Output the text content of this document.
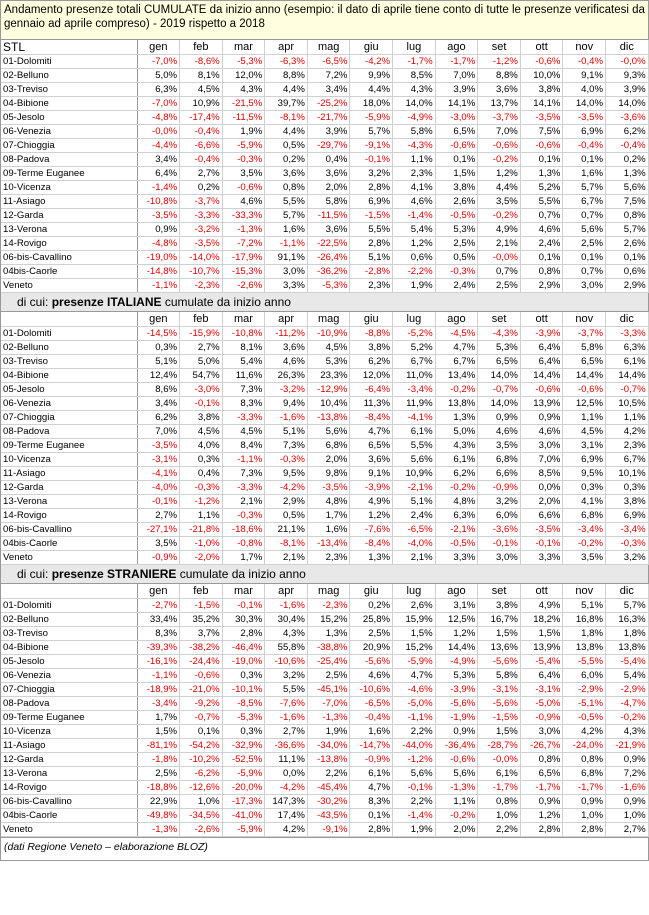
Andamento presenze totali CUMULATE da inizio anno (esempio: il dato di aprile tiene conto di tutte le presenze verificatesi da gennaio ad aprile compreso) - 2019 rispetto a 2018
STL	gen	feb	mar	apr	mag	giu	lug	ago	set	ott	nov	dic
01-Dolomiti	-7,0%	-8,6%	-5,3%	-6,3%	-6,5%	-4,2%	-1,7%	-1,7%	-1,2%	-0,6%	-0,4%	-0,0%
02-Belluno	5,0%	8,1%	12,0%	8,8%	7,2%	9,9%	8,5%	7,0%	8,8%	10,0%	9,1%	9,3%
03-Treviso	6,3%	4,5%	4,3%	4,4%	3,4%	4,4%	4,3%	3,9%	3,6%	3,8%	4,0%	3,9%
04-Bibione	-7,0%	10,9%	-21,5%	39,7%	-25,2%	18,0%	14,0%	14,1%	13,7%	14,1%	14,0%	14,0%
05-Jesolo	-4,8%	-17,4%	-11,5%	-8,1%	-21,7%	-5,9%	-4,9%	-3,0%	-3,7%	-3,5%	-3,5%	-3,6%
06-Venezia	-0,0%	-0,4%	1,9%	4,4%	3,9%	5,7%	5,8%	6,5%	7,0%	7,5%	6,9%	6,2%
07-Chioggia	-4,4%	-6,6%	-5,9%	0,5%	-29,7%	-9,1%	-4,3%	-0,6%	-0,6%	-0,6%	-0,4%	-0,4%
08-Padova	3,4%	-0,4%	-0,3%	0,2%	0,4%	-0,1%	1,1%	0,1%	-0,2%	0,1%	0,1%	0,2%
09-Terme Euganee	6,4%	2,7%	3,5%	3,6%	3,6%	3,2%	2,3%	1,5%	1,2%	1,3%	1,6%	1,3%
10-Vicenza	-1,4%	0,2%	-0,6%	0,8%	2,0%	2,8%	4,1%	3,8%	4,4%	5,2%	5,7%	5,6%
11-Asiago	-10,8%	-3,7%	4,6%	5,5%	5,8%	6,9%	4,6%	2,6%	3,5%	5,5%	6,7%	7,5%
12-Garda	-3,5%	-3,3%	-33,3%	5,7%	-11,5%	-1,5%	-1,4%	-0,5%	-0,2%	0,7%	0,7%	0,8%
13-Verona	0,9%	-3,2%	-1,3%	1,6%	3,6%	5,5%	5,4%	5,3%	4,9%	4,6%	5,6%	5,7%
14-Rovigo	-4,8%	-3,5%	-7,2%	-1,1%	-22,5%	2,8%	1,2%	2,5%	2,1%	2,4%	2,5%	2,6%
06-bis-Cavallino	-19,0%	-14,0%	-17,9%	91,1%	-26,4%	5,1%	0,6%	0,5%	-0,0%	0,1%	0,1%	0,1%
04bis-Caorle	-14,8%	-10,7%	-15,3%	3,0%	-36,2%	-2,8%	-2,2%	-0,3%	0,7%	0,8%	0,7%	0,6%
Veneto	-1,1%	-2,3%	-2,6%	3,3%	-5,3%	2,3%	1,9%	2,4%	2,5%	2,9%	3,0%	2,9%
di cui: presenze ITALIANE cumulate da inizio anno												
	gen	feb	mar	apr	mag	giu	lug	ago	set	ott	nov	dic
01-Dolomiti	-14,5%	-15,9%	-10,8%	-11,2%	-10,9%	-8,8%	-5,2%	-4,5%	-4,3%	-3,9%	-3,7%	-3,3%
02-Belluno	0,3%	2,7%	8,1%	3,6%	4,5%	3,8%	5,2%	4,7%	5,3%	6,4%	5,8%	6,3%
03-Treviso	5,1%	5,0%	5,4%	4,6%	5,3%	6,2%	6,7%	6,7%	6,5%	6,4%	6,5%	6,1%
04-Bibione	12,4%	54,7%	11,6%	26,3%	23,3%	12,0%	11,0%	13,4%	14,0%	14,4%	14,4%	14,4%
05-Jesolo	8,6%	-3,0%	7,3%	-3,2%	-12,9%	-6,4%	-3,4%	-0,2%	-0,7%	-0,6%	-0,6%	-0,7%
06-Venezia	3,4%	-0,1%	8,3%	9,4%	10,4%	11,3%	11,9%	13,8%	14,0%	13,9%	12,5%	10,5%
07-Chioggia	6,2%	3,8%	-3,3%	-1,6%	-13,8%	-8,4%	-4,1%	1,3%	0,9%	0,9%	1,1%	1,1%
08-Padova	7,0%	4,5%	4,5%	5,1%	5,6%	4,7%	6,1%	5,0%	4,6%	4,6%	4,5%	4,2%
09-Terme Euganee	-3,5%	4,0%	8,4%	7,3%	6,8%	6,5%	5,5%	4,3%	3,5%	3,0%	3,1%	2,3%
10-Vicenza	-3,1%	0,3%	-1,1%	-0,3%	2,0%	3,6%	5,6%	6,1%	6,8%	7,0%	6,9%	6,7%
11-Asiago	-4,1%	0,4%	7,3%	9,5%	9,8%	9,1%	10,9%	6,2%	6,6%	8,5%	9,5%	10,1%
12-Garda	-4,0%	-0,3%	-3,3%	-4,2%	-3,5%	-3,9%	-2,1%	-0,2%	-0,9%	0,0%	0,3%	0,3%
13-Verona	-0,1%	-1,2%	2,1%	2,9%	4,8%	4,9%	5,1%	4,8%	3,2%	2,0%	4,1%	3,8%
14-Rovigo	2,7%	1,1%	-0,3%	0,5%	1,7%	1,2%	2,4%	6,3%	6,0%	6,6%	6,8%	6,9%
06-bis-Cavallino	-27,1%	-21,8%	-18,6%	21,1%	1,6%	-7,6%	-6,5%	-2,1%	-3,6%	-3,5%	-3,4%	-3,4%
04bis-Caorle	3,5%	-1,0%	-0,8%	-8,1%	-13,4%	-8,4%	-4,0%	-0,5%	-0,1%	-0,1%	-0,2%	-0,3%
Veneto	-0,9%	-2,0%	1,7%	2,1%	2,3%	1,3%	2,1%	3,3%	3,0%	3,3%	3,5%	3,2%
di cui: presenze STRANIERE cumulate da inizio anno												
	gen	feb	mar	apr	mag	giu	lug	ago	set	ott	nov	dic
01-Dolomiti	-2,7%	-1,5%	-0,1%	-1,6%	-2,3%	0,2%	2,6%	3,1%	3,8%	4,9%	5,1%	5,7%
02-Belluno	33,4%	35,2%	30,3%	30,4%	15,2%	25,8%	15,9%	12,5%	16,7%	18,2%	16,8%	16,3%
03-Treviso	8,3%	3,7%	2,8%	4,3%	1,3%	2,5%	1,5%	1,2%	1,5%	1,5%	1,8%	1,8%
04-Bibione	-39,3%	-38,2%	-46,4%	55,8%	-38,8%	20,9%	15,2%	14,4%	13,6%	13,9%	13,8%	13,8%
05-Jesolo	-16,1%	-24,4%	-19,0%	-10,6%	-25,4%	-5,6%	-5,9%	-4,9%	-5,6%	-5,4%	-5,5%	-5,4%
06-Venezia	-1,1%	-0,6%	0,3%	3,2%	2,5%	4,6%	4,7%	5,3%	5,8%	6,4%	6,0%	5,4%
07-Chioggia	-18,9%	-21,0%	-10,1%	5,5%	-45,1%	-10,6%	-4,6%	-3,9%	-3,1%	-3,1%	-2,9%	-2,9%
08-Padova	-3,4%	-9,2%	-8,5%	-7,6%	-7,0%	-6,5%	-5,0%	-5,6%	-5,6%	-5,0%	-5,1%	-4,7%
09-Terme Euganee	1,7%	-0,7%	-5,3%	-1,6%	-1,3%	-0,4%	-1,1%	-1,9%	-1,5%	-0,9%	-0,5%	-0,2%
10-Vicenza	1,5%	0,1%	0,3%	2,7%	1,9%	1,6%	2,2%	0,9%	1,5%	3,0%	4,2%	4,3%
11-Asiago	-81,1%	-54,2%	-32,9%	-36,6%	-34,0%	-14,7%	-44,0%	-36,4%	-28,7%	-26,7%	-24,0%	-21,9%
12-Garda	-1,8%	-10,2%	-52,5%	11,1%	-13,8%	-0,9%	-1,2%	-0,6%	-0,0%	0,8%	0,8%	0,9%
13-Verona	2,5%	-6,2%	-5,9%	0,0%	2,2%	6,1%	5,6%	5,6%	6,1%	6,5%	6,8%	7,2%
14-Rovigo	-18,8%	-12,6%	-20,0%	-4,2%	-45,4%	4,7%	-0,1%	-1,3%	-1,7%	-1,7%	-1,7%	-1,6%
06-bis-Cavallino	22,9%	1,0%	-17,3%	147,3%	-30,2%	8,3%	2,2%	1,1%	0,8%	0,9%	0,9%	0,9%
04bis-Caorle	-49,8%	-34,5%	-41,0%	17,4%	-43,5%	0,1%	-1,4%	-0,2%	1,0%	1,2%	1,0%	1,0%
Veneto	-1,3%	-2,6%	-5,9%	4,2%	-9,1%	2,8%	1,9%	2,0%	2,2%	2,8%	2,8%	2,7%
(dati Regione Veneto – elaborazione BLOZ)
